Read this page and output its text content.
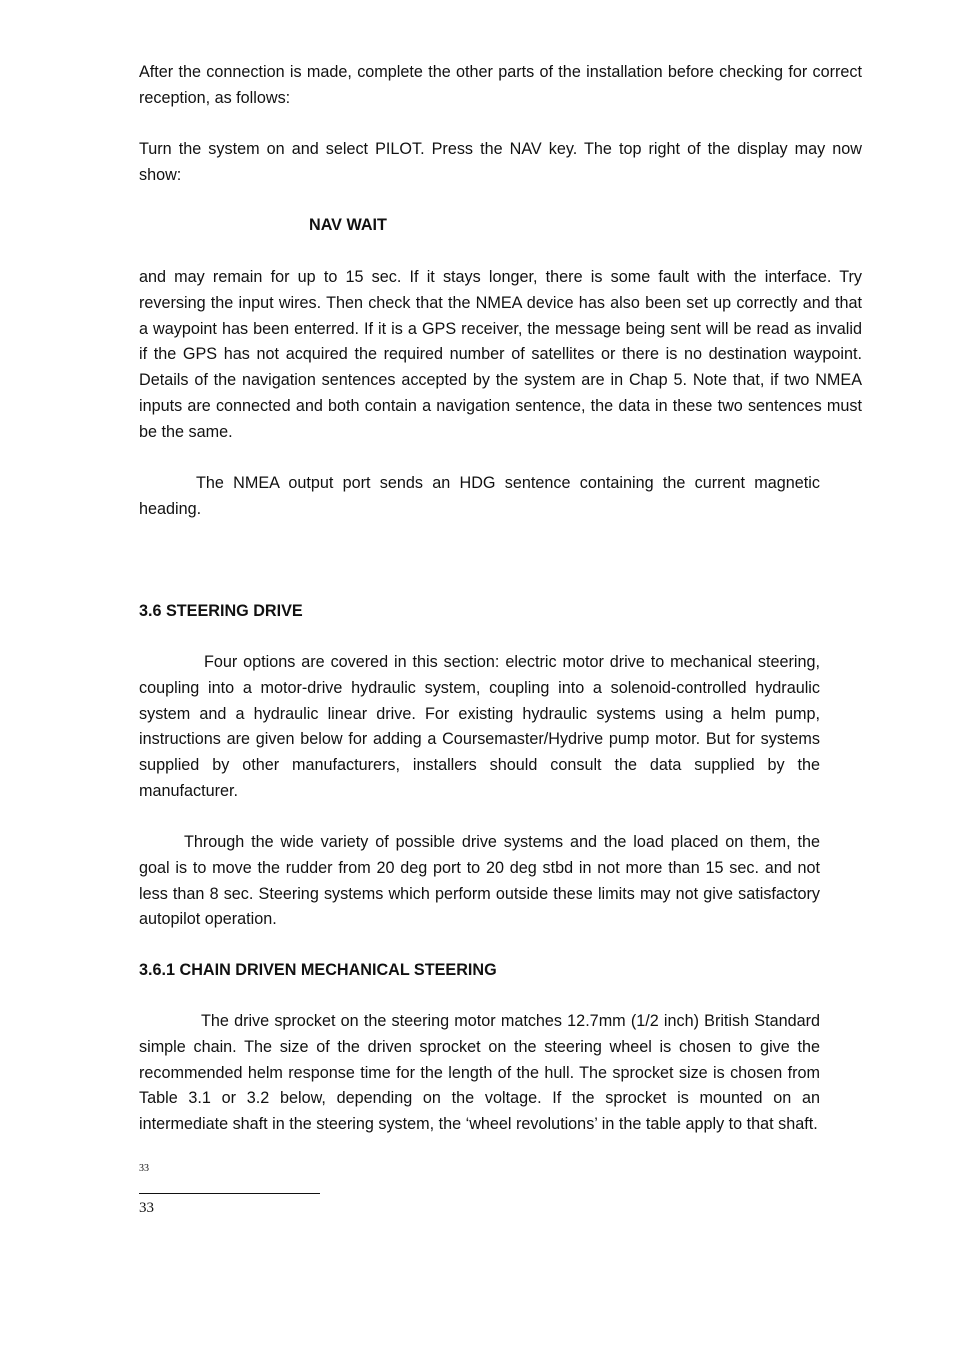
After the connection is made, complete the other parts of the installation before checking for correct reception, as follows:

Turn the system on and select PILOT. Press the NAV key. The top right of the display may now show:

NAV WAIT

and may remain for up to 15 sec. If it stays longer, there is some fault with the interface. Try reversing the input wires. Then check that the NMEA device has also been set up correctly and that a waypoint has been enterred. If it is a GPS receiver, the message being sent will be read as invalid if the GPS has not acquired the required number of satellites or there is no destination waypoint. Details of the navigation sentences accepted by the system are in Chap 5. Note that, if two NMEA inputs are connected and both contain a navigation sentence, the data in these two sentences must be the same.

The NMEA output port sends an HDG sentence containing the current magnetic heading.

3.6 STEERING DRIVE

Four options are covered in this section: electric motor drive to mechanical steering, coupling into a motor-drive hydraulic system, coupling into a solenoid-controlled hydraulic system and a hydraulic linear drive. For existing hydraulic systems using a helm pump, instructions are given below for adding a Coursemaster/Hydrive pump motor. But for systems supplied by other manufacturers, installers should consult the data supplied by the manufacturer.

Through the wide variety of possible drive systems and the load placed on them, the goal is to move the rudder from 20 deg port to 20 deg stbd in not more than 15 sec. and not less than 8 sec. Steering systems which perform outside these limits may not give satisfactory autopilot operation.

3.6.1 CHAIN DRIVEN MECHANICAL STEERING

The drive sprocket on the steering motor matches 12.7mm (1/2 inch) British Standard simple chain. The size of the driven sprocket on the steering wheel is chosen to give the recommended helm response time for the length of the hull. The sprocket size is chosen from Table 3.1 or 3.2 below, depending on the voltage. If the sprocket is mounted on an intermediate shaft in the steering system, the ‘wheel revolutions’ in the table apply to that shaft.

33
33
